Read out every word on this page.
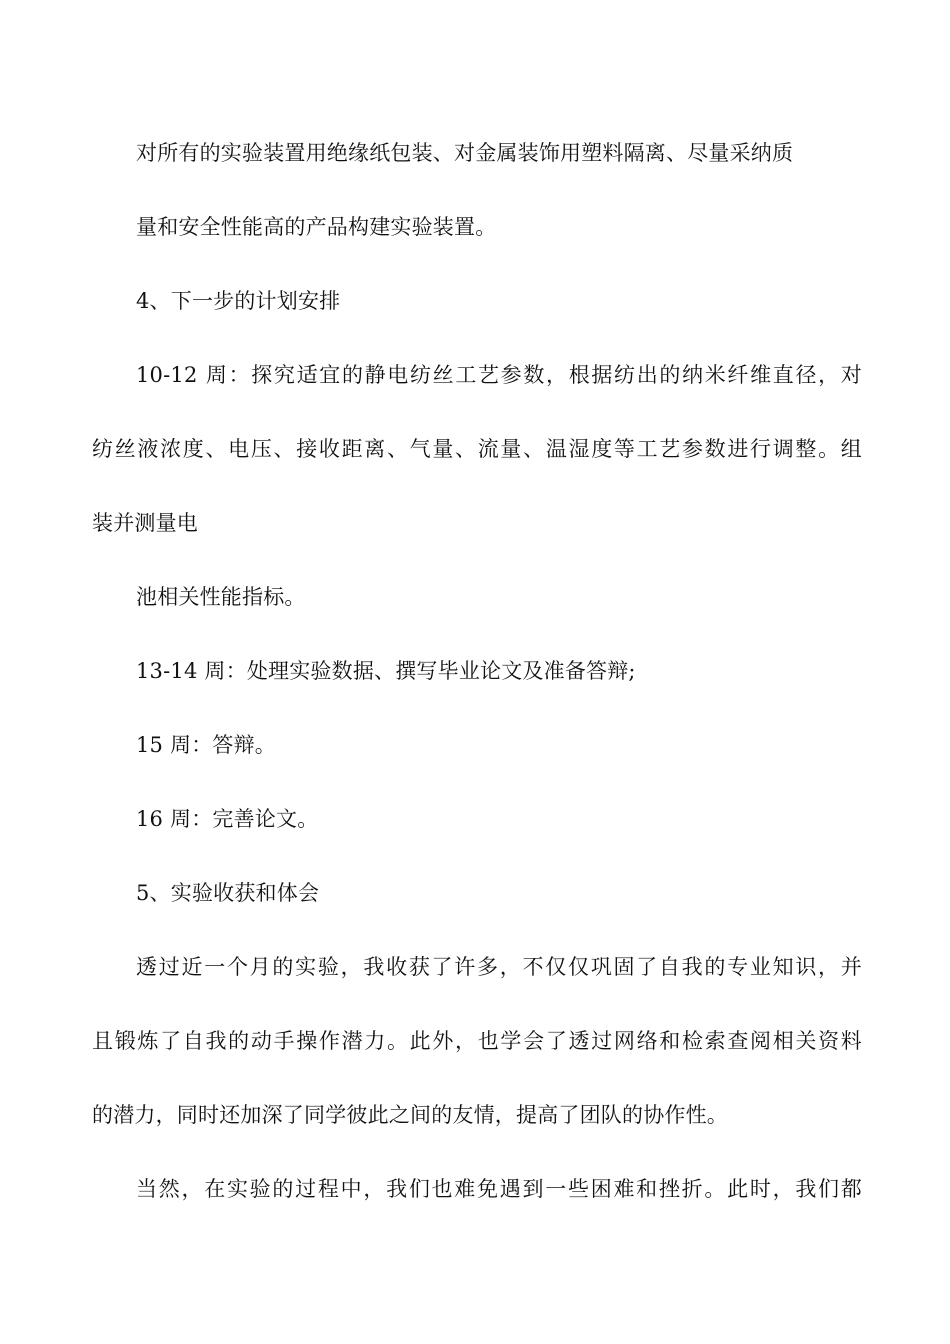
对所有的实验装置用绝缘纸包装、对金属装饰用塑料隔离、尽量采纳质
量和安全性能高的产品构建实验装置。
4、下一步的计划安排
10-12 周：探究适宜的静电纺丝工艺参数，根据纺出的纳米纤维直径，对
纺丝液浓度、电压、接收距离、气量、流量、温湿度等工艺参数进行调整。组
装并测量电
池相关性能指标。
13-14 周：处理实验数据、撰写毕业论文及准备答辩;
15 周：答辩。
16 周：完善论文。
5、实验收获和体会
透过近一个月的实验，我收获了许多，不仅仅巩固了自我的专业知识，并
且锻炼了自我的动手操作潜力。此外，也学会了透过网络和检索查阅相关资料
的潜力，同时还加深了同学彼此之间的友情，提高了团队的协作性。
当然，在实验的过程中，我们也难免遇到一些困难和挫折。此时，我们都
